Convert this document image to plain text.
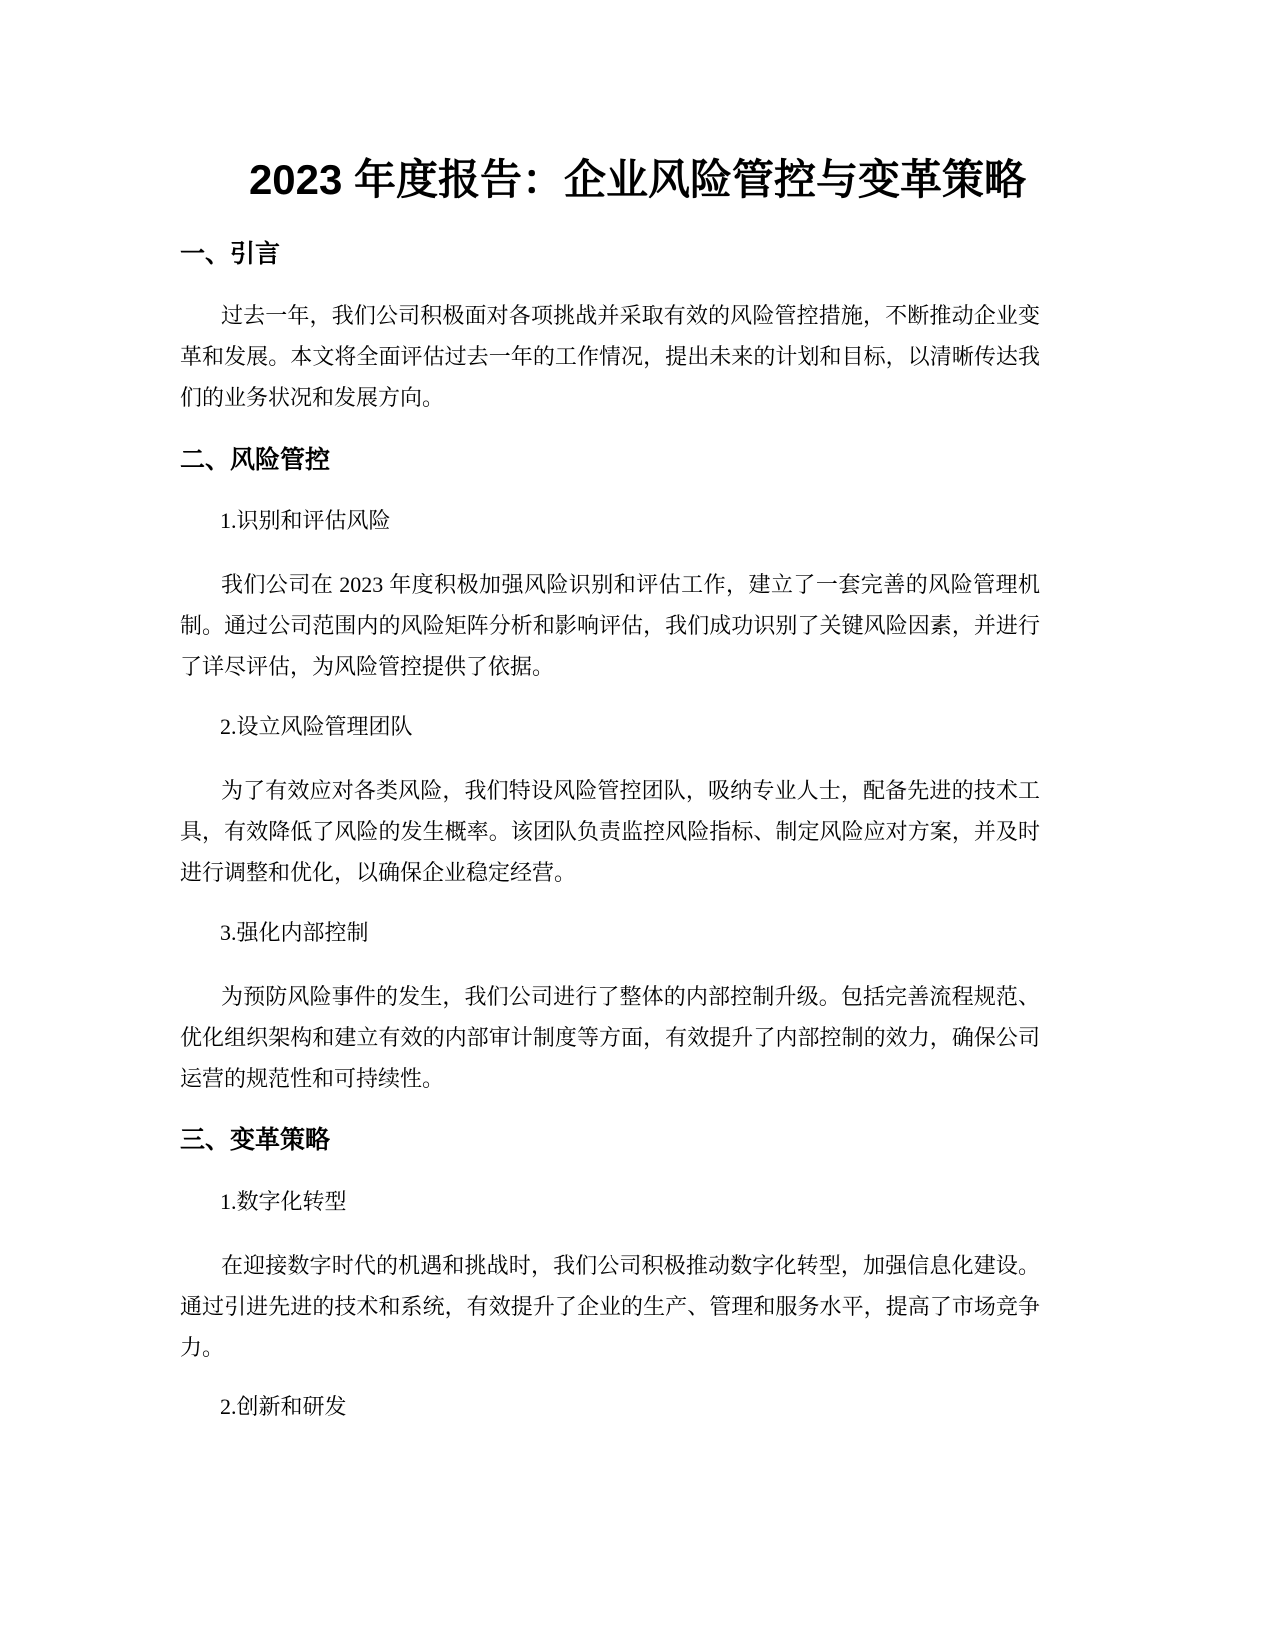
2023 年度报告：企业风险管控与变革策略
一、引言

过去一年，我们公司积极面对各项挑战并采取有效的风险管控措施，不断推动企业变革和发展。本文将全面评估过去一年的工作情况，提出未来的计划和目标，以清晰传达我们的业务状况和发展方向。

二、风险管控

1.识别和评估风险

我们公司在 2023 年度积极加强风险识别和评估工作，建立了一套完善的风险管理机制。通过公司范围内的风险矩阵分析和影响评估，我们成功识别了关键风险因素，并进行了详尽评估，为风险管控提供了依据。

2.设立风险管理团队

为了有效应对各类风险，我们特设风险管控团队，吸纳专业人士，配备先进的技术工具，有效降低了风险的发生概率。该团队负责监控风险指标、制定风险应对方案，并及时进行调整和优化，以确保企业稳定经营。

3.强化内部控制

为预防风险事件的发生，我们公司进行了整体的内部控制升级。包括完善流程规范、优化组织架构和建立有效的内部审计制度等方面，有效提升了内部控制的效力，确保公司运营的规范性和可持续性。

三、变革策略

1.数字化转型

在迎接数字时代的机遇和挑战时，我们公司积极推动数字化转型，加强信息化建设。通过引进先进的技术和系统，有效提升了企业的生产、管理和服务水平，提高了市场竞争力。

2.创新和研发
